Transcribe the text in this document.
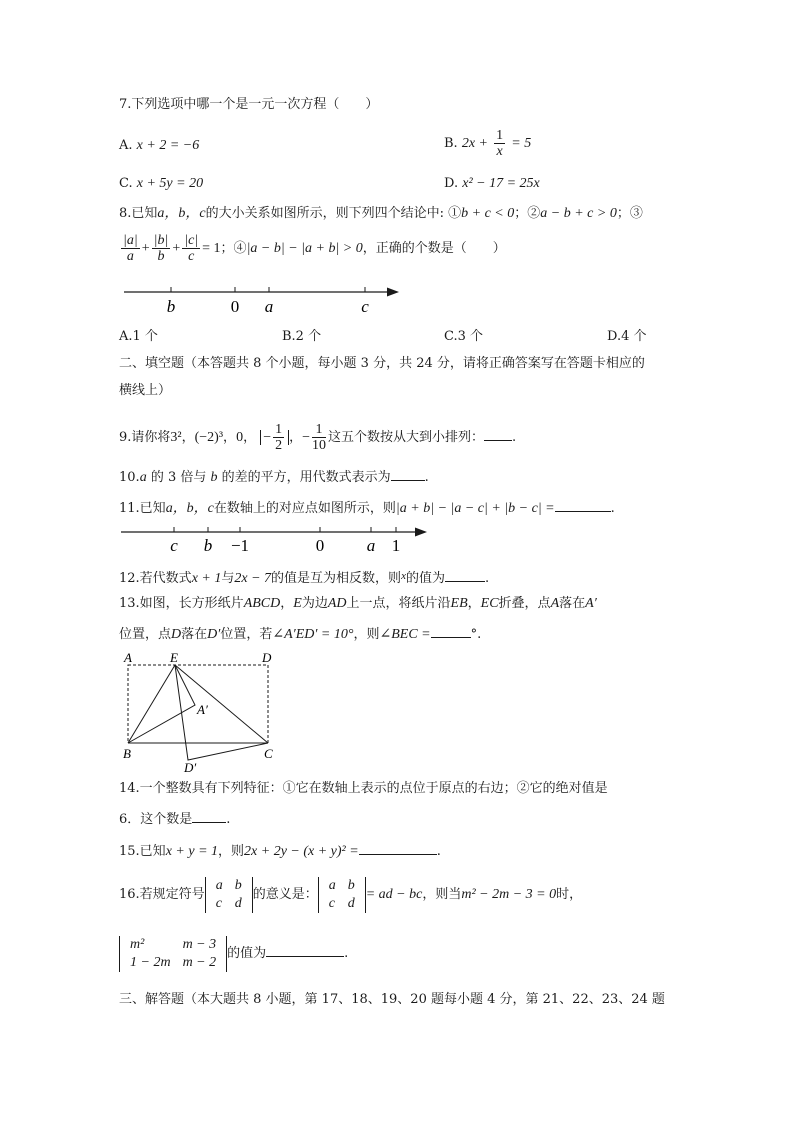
7.下列选项中哪一个是一元一次方程（　　）
A. x + 2 = −6	B. $2x + \frac{1}{x} = 5$
C. x + 5y = 20	D. x² − 17 = 25x
8.已知a，b，c的大小关系如图所示，则下列四个结论中: ①b + c < 0；②a − b + c > 0；③
$\frac{|a|}{a} + \frac{|b|}{b} + \frac{|c|}{c} = 1$；④|a − b| − |a + b| > 0，正确的个数是（　　）
b	0 a	c
A.1 个	B.2 个	C.3 个	D.4 个
二、填空题（本答题共 8 个小题，每小题 3 分，共 24 分，请将正确答案写在答题卡相应的
横线上）
9.请你将3²，(−2)³，0， − $\frac{1}{2}$ ，− $\frac{1}{10}$ 这五个数按从大到小排列： .
10.a 的 3 倍与 b 的差的平方，用代数式表示为	.
11.已知a，b，c在数轴上的对应点如图所示，则|a + b| − |a − c| + |b − c| =	.
c b −1	0	a 1
12.若代数式x + 1与2x − 7的值是互为相反数，则$^x$的值为	.
13.如图，长方形纸片ABCD，E为边AD上一点，将纸片沿EB，EC折叠，点A落在A′
位置，点D落在D′位置，若∠A′ED′ = 10°，则∠BEC =	°.
A	E	D
A′
B	C
D′
14.一个整数具有下列特征：①它在数轴上表示的点位于原点的右边；②它的绝对值是
6．这个数是	.
15.已知x + y = 1，则2x + 2y − (x + y)² =	.
16.若规定符号
a	b
c	d
的意义是：
a	b
c	d
= ad − bc，则当m² − 2m − 3 = 0时，
m²	m − 3
1 − 2m	m − 2
的值为	.
三、解答题（本大题共 8 小题，第 17、18、19、20 题每小题 4 分，第 21、22、23、24 题
